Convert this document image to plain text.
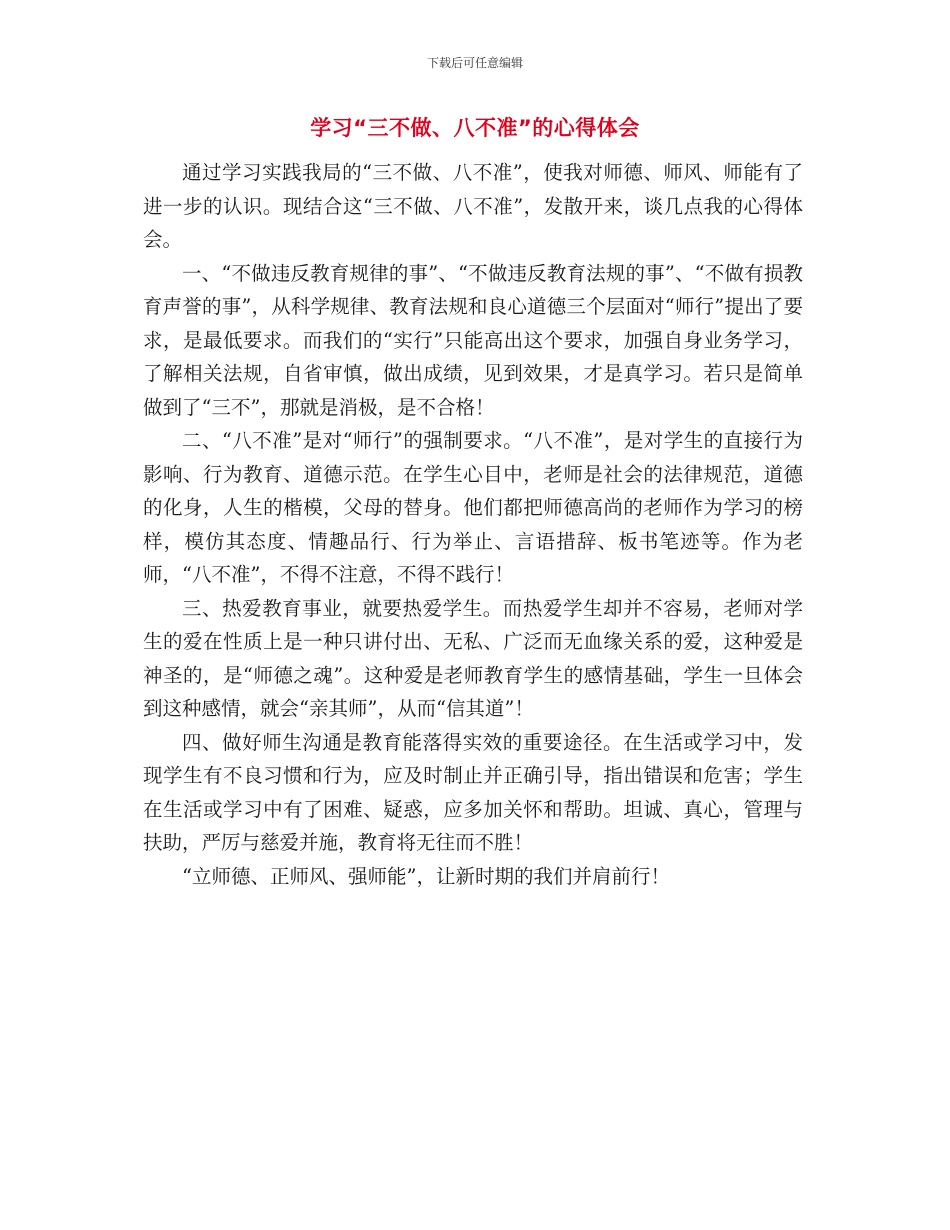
下载后可任意编辑
学习“三不做、八不准”的心得体会

通过学习实践我局的“三不做、八不准”，使我对师德、师风、师能有了进一步的认识。现结合这“三不做、八不准”，发散开来，谈几点我的心得体会。

一、“不做违反教育规律的事”、“不做违反教育法规的事”、“不做有损教育声誉的事”，从科学规律、教育法规和良心道德三个层面对“师行”提出了要求，是最低要求。而我们的“实行”只能高出这个要求，加强自身业务学习，了解相关法规，自省审慎，做出成绩，见到效果，才是真学习。若只是简单做到了“三不”，那就是消极，是不合格！

二、“八不准”是对“师行”的强制要求。“八不准”，是对学生的直接行为影响、行为教育、道德示范。在学生心目中，老师是社会的法律规范，道德的化身，人生的楷模，父母的替身。他们都把师德高尚的老师作为学习的榜样，模仿其态度、情趣品行、行为举止、言语措辞、板书笔迹等。作为老师，“八不准”，不得不注意，不得不践行！

三、热爱教育事业，就要热爱学生。而热爱学生却并不容易，老师对学生的爱在性质上是一种只讲付出、无私、广泛而无血缘关系的爱，这种爱是神圣的，是“师德之魂”。这种爱是老师教育学生的感情基础，学生一旦体会到这种感情，就会“亲其师”，从而“信其道”！

四、做好师生沟通是教育能落得实效的重要途径。在生活或学习中，发现学生有不良习惯和行为，应及时制止并正确引导，指出错误和危害；学生在生活或学习中有了困难、疑惑，应多加关怀和帮助。坦诚、真心，管理与扶助，严厉与慈爱并施，教育将无往而不胜！

“立师德、正师风、强师能”，让新时期的我们并肩前行！
